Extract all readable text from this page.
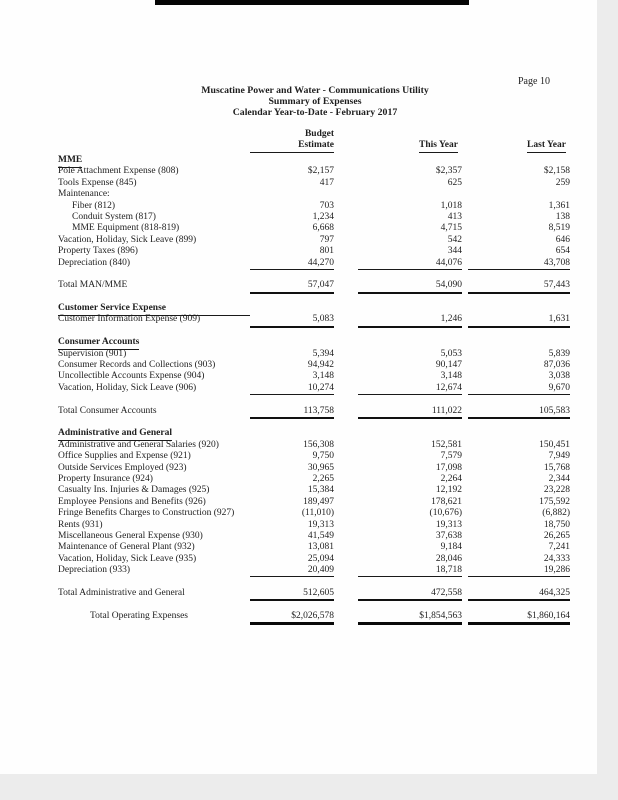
Page 10
Muscatine Power and Water - Communications Utility
Summary of Expenses
Calendar Year-to-Date - February 2017
Budget
Estimate	This Year	Last Year
MME
Pole Attachment Expense (808)	$2,157	$2,357	$2,158
Tools Expense (845)	417	625	259
Maintenance:
Fiber (812)	703	1,018	1,361
Conduit System (817)	1,234	413	138
MME Equipment (818-819)	6,668	4,715	8,519
Vacation, Holiday, Sick Leave (899)	797	542	646
Property Taxes (896)	801	344	654
Depreciation (840)	44,270	44,076	43,708
Total MAN/MME	57,047	54,090	57,443
Customer Service Expense
Customer Information Expense (909)	5,083	1,246	1,631
Consumer Accounts
Supervision (901)	5,394	5,053	5,839
Consumer Records and Collections (903)	94,942	90,147	87,036
Uncollectible Accounts Expense (904)	3,148	3,148	3,038
Vacation, Holiday, Sick Leave (906)	10,274	12,674	9,670
Total Consumer Accounts	113,758	111,022	105,583
Administrative and General
Administrative and General Salaries (920)	156,308	152,581	150,451
Office Supplies and Expense (921)	9,750	7,579	7,949
Outside Services Employed (923)	30,965	17,098	15,768
Property Insurance (924)	2,265	2,264	2,344
Casualty Ins. Injuries & Damages (925)	15,384	12,192	23,228
Employee Pensions and Benefits (926)	189,497	178,621	175,592
Fringe Benefits Charges to Construction (927)	(11,010)	(10,676)	(6,882)
Rents (931)	19,313	19,313	18,750
Miscellaneous General Expense (930)	41,549	37,638	26,265
Maintenance of General Plant (932)	13,081	9,184	7,241
Vacation, Holiday, Sick Leave (935)	25,094	28,046	24,333
Depreciation (933)	20,409	18,718	19,286
Total Administrative and General	512,605	472,558	464,325
Total Operating Expenses	$2,026,578	$1,854,563	$1,860,164
